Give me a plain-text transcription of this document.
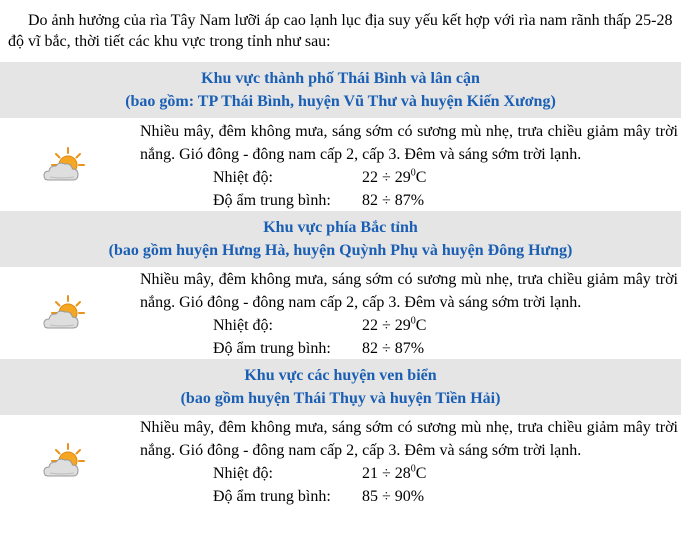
Do ảnh hưởng của rìa Tây Nam lưỡi áp cao lạnh lục địa suy yếu kết hợp với rìa nam rãnh thấp 25-28 độ vĩ bắc, thời tiết các khu vực trong tỉnh như sau:
Khu vực thành phố Thái Bình và lân cận
(bao gồm: TP Thái Bình, huyện Vũ Thư và huyện Kiến Xương)

Nhiều mây, đêm không mưa, sáng sớm có sương mù nhẹ, trưa chiều giảm mây trời nắng. Gió đông - đông nam cấp 2, cấp 3. Đêm và sáng sớm trời lạnh.

Nhiệt độ:	$22 \div 29^0C$
Độ ẩm trung bình: 82 ÷ 87%
Khu vực phía Bắc tỉnh
(bao gồm huyện Hưng Hà, huyện Quỳnh Phụ và huyện Đông Hưng)

Nhiều mây, đêm không mưa, sáng sớm có sương mù nhẹ, trưa chiều giảm mây trời nắng. Gió đông - đông nam cấp 2, cấp 3. Đêm và sáng sớm trời lạnh.

Nhiệt độ:	$22 \div 29^0C$
Độ ẩm trung bình: 82 ÷ 87%
Khu vực các huyện ven biển
(bao gồm huyện Thái Thụy và huyện Tiền Hải)

Nhiều mây, đêm không mưa, sáng sớm có sương mù nhẹ, trưa chiều giảm mây trời nắng. Gió đông - đông nam cấp 2, cấp 3. Đêm và sáng sớm trời lạnh.

Nhiệt độ:	$21 \div 28^0C$
Độ ẩm trung bình: 85 ÷ 90%
